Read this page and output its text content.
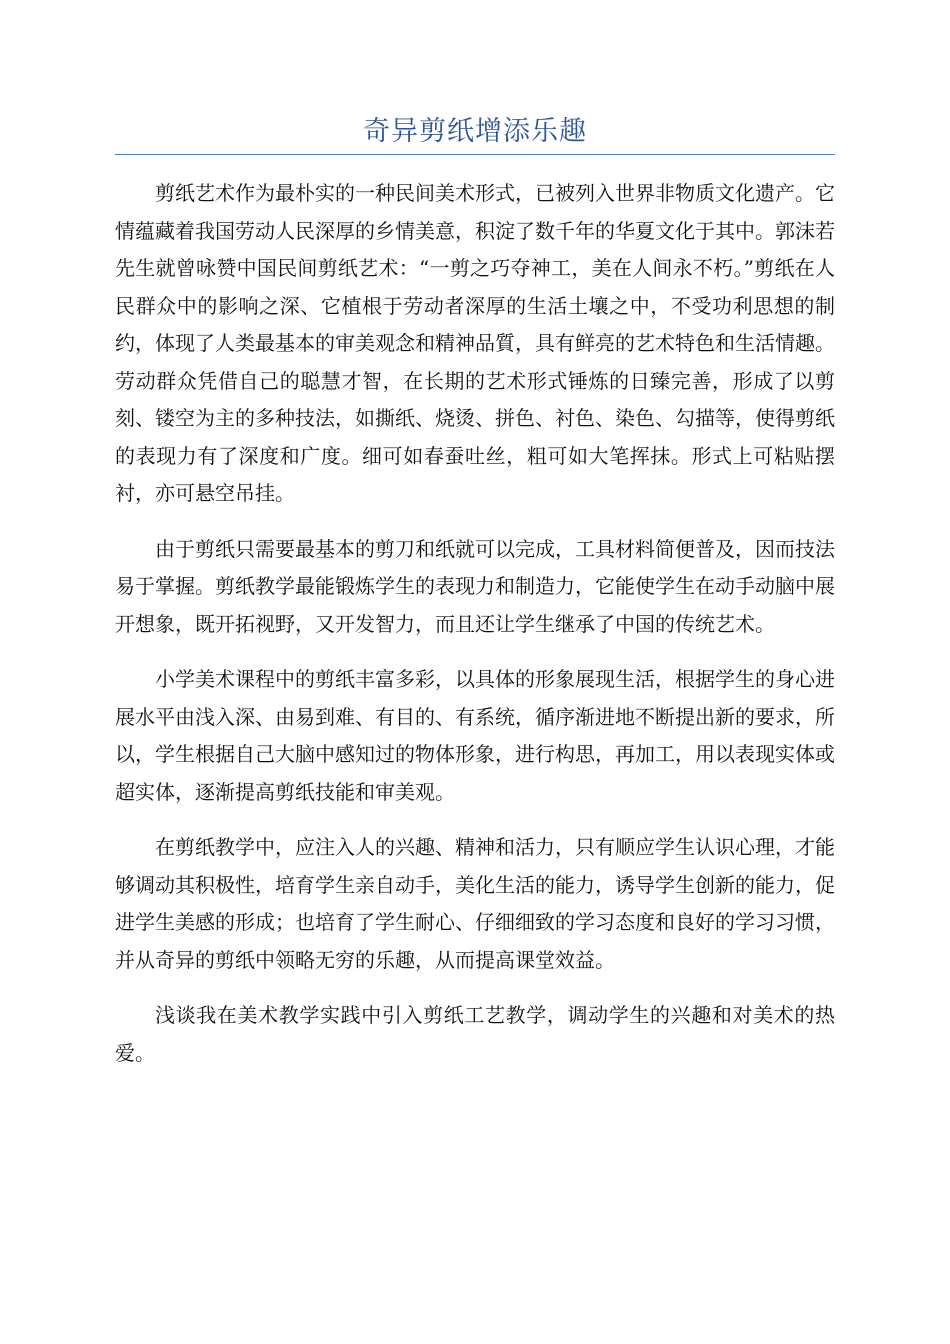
奇异剪纸增添乐趣

剪纸艺术作为最朴实的一种民间美术形式，已被列入世界非物质文化遗产。它情蕴藏着我国劳动人民深厚的乡情美意，积淀了数千年的华夏文化于其中。郭沫若先生就曾咏赞中国民间剪纸艺术：“一剪之巧夺神工，美在人间永不朽。”剪纸在人民群众中的影响之深、它植根于劳动者深厚的生活土壤之中，不受功利思想的制约，体现了人类最基本的审美观念和精神品質，具有鲜亮的艺术特色和生活情趣。劳动群众凭借自己的聪慧才智，在长期的艺术形式锤炼的日臻完善，形成了以剪刻、镂空为主的多种技法，如撕纸、烧烫、拼色、衬色、染色、勾描等，使得剪纸的表现力有了深度和广度。细可如春蚕吐丝，粗可如大笔挥抹。形式上可粘贴摆衬，亦可悬空吊挂。

由于剪纸只需要最基本的剪刀和纸就可以完成，工具材料简便普及，因而技法易于掌握。剪纸教学最能锻炼学生的表现力和制造力，它能使学生在动手动脑中展开想象，既开拓视野，又开发智力，而且还让学生继承了中国的传统艺术。

小学美术课程中的剪纸丰富多彩，以具体的形象展现生活，根据学生的身心进展水平由浅入深、由易到难、有目的、有系统，循序渐进地不断提出新的要求，所以，学生根据自己大脑中感知过的物体形象，进行构思，再加工，用以表现实体或超实体，逐渐提高剪纸技能和审美观。

在剪纸教学中，应注入人的兴趣、精神和活力，只有顺应学生认识心理，才能够调动其积极性，培育学生亲自动手，美化生活的能力，诱导学生创新的能力，促进学生美感的形成；也培育了学生耐心、仔细细致的学习态度和良好的学习习惯，并从奇异的剪纸中领略无穷的乐趣，从而提高课堂效益。

浅谈我在美术教学实践中引入剪纸工艺教学，调动学生的兴趣和对美术的热爱。
